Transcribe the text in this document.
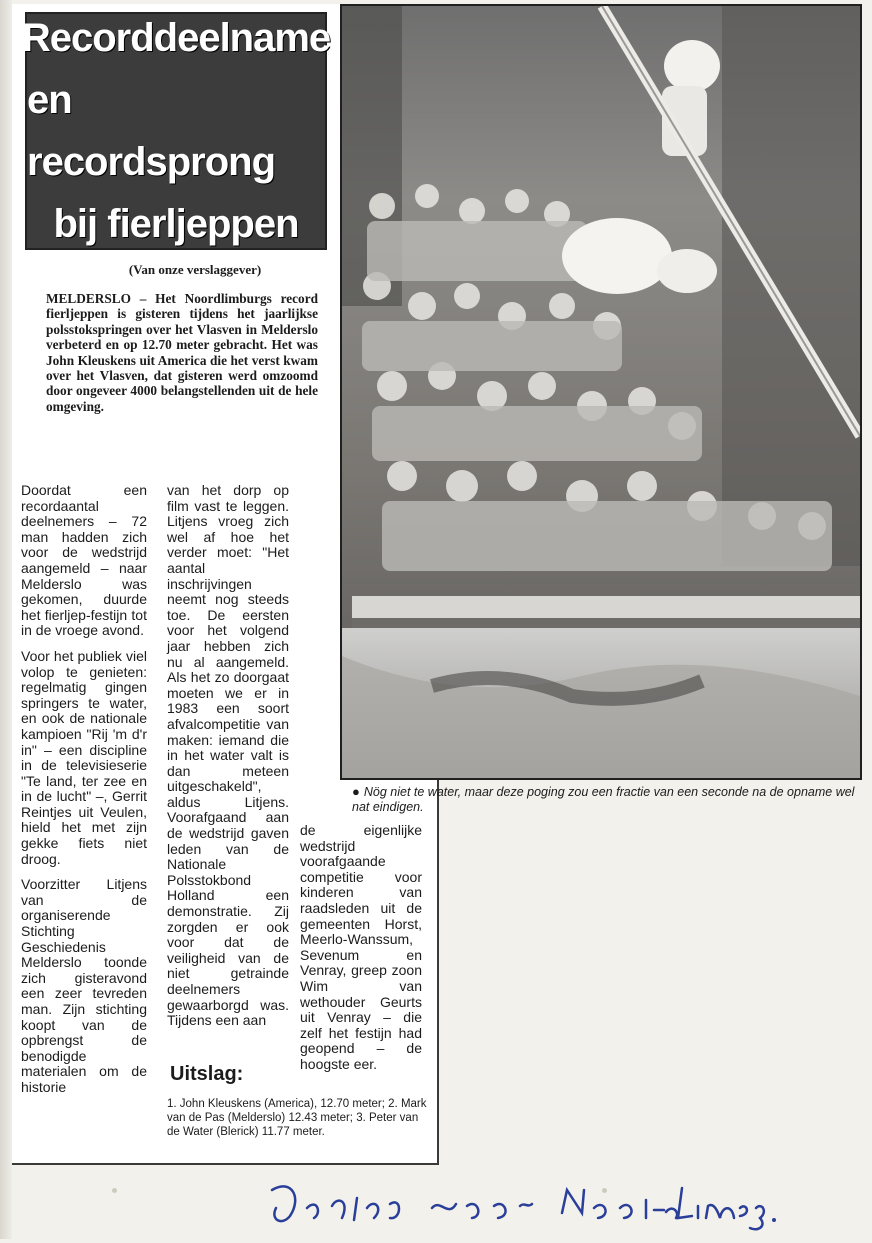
Recorddeelname
en recordsprong
bij fierljeppen
(Van onze verslaggever)
MELDERSLO – Het Noordlimburgs record fierljeppen is gisteren tijdens het jaarlijkse polsstokspringen over het Vlasven in Melderslo verbeterd en op 12.70 meter gebracht. Het was John Kleuskens uit America die het verst kwam over het Vlasven, dat gisteren werd omzoomd door ongeveer 4000 belangstellenden uit de hele omgeving.

Doordat een recordaantal deelnemers – 72 man hadden zich voor de wedstrijd aangemeld – naar Melderslo was gekomen, duurde het fierljep-festijn tot in de vroege avond.

Voor het publiek viel volop te genieten: regelmatig gingen springers te water, en ook de nationale kampioen "Rij 'm d'r in" – een discipline in de televisieserie "Te land, ter zee en in de lucht" –, Gerrit Reintjes uit Veulen, hield het met zijn gekke fiets niet droog.

Voorzitter Litjens van de organiserende Stichting Geschiedenis Melderslo toonde zich gisteravond een zeer tevreden man. Zijn stichting koopt van de opbrengst de benodigde materialen om de historie

van het dorp op film vast te leggen. Litjens vroeg zich wel af hoe het verder moet: "Het aantal inschrijvingen neemt nog steeds toe. De eersten voor het volgend jaar hebben zich nu al aangemeld. Als het zo doorgaat moeten we er in 1983 een soort afvalcompetitie van maken: iemand die in het water valt is dan meteen uitgeschakeld", aldus Litjens. Voorafgaand aan de wedstrijd gaven leden van de Nationale Polsstokbond Holland een demonstratie. Zij zorgden er ook voor dat de veiligheid van de niet getrainde deelnemers gewaarborgd was. Tijdens een aan

de eigenlijke wedstrijd voorafgaande competitie voor kinderen van raadsleden uit de gemeenten Horst, Meerlo-Wanssum, Sevenum en Venray, greep zoon Wim van wethouder Geurts uit Venray – die zelf het festijn had geopend – de hoogste eer.

Uitslag:
1. John Kleuskens (America), 12.70 meter; 2. Mark van de Pas (Melderslo) 12.43 meter; 3. Peter van de Water (Blerick) 11.77 meter.
● Nög niet te water, maar deze poging zou een fractie van een seconde na de opname wel nat eindigen.
